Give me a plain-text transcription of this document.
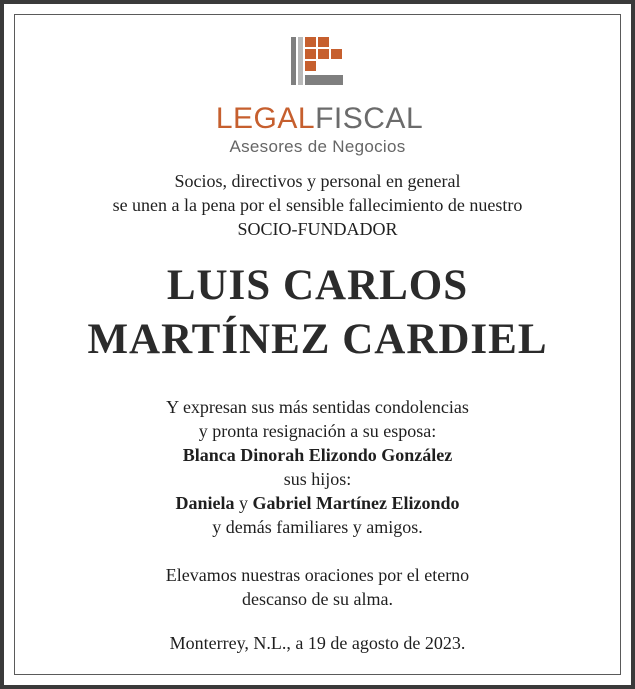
LEGALFISCAL
Asesores de Negocios
Socios, directivos y personal en general
se unen a la pena por el sensible fallecimiento de nuestro
SOCIO-FUNDADOR
LUIS CARLOS
MARTÍNEZ CARDIEL
Y expresan sus más sentidas condolencias
y pronta resignación a su esposa:
Blanca Dinorah Elizondo González
sus hijos:
Daniela y Gabriel Martínez Elizondo
y demás familiares y amigos.
Elevamos nuestras oraciones por el eterno
descanso de su alma.
Monterrey, N.L., a 19 de agosto de 2023.
